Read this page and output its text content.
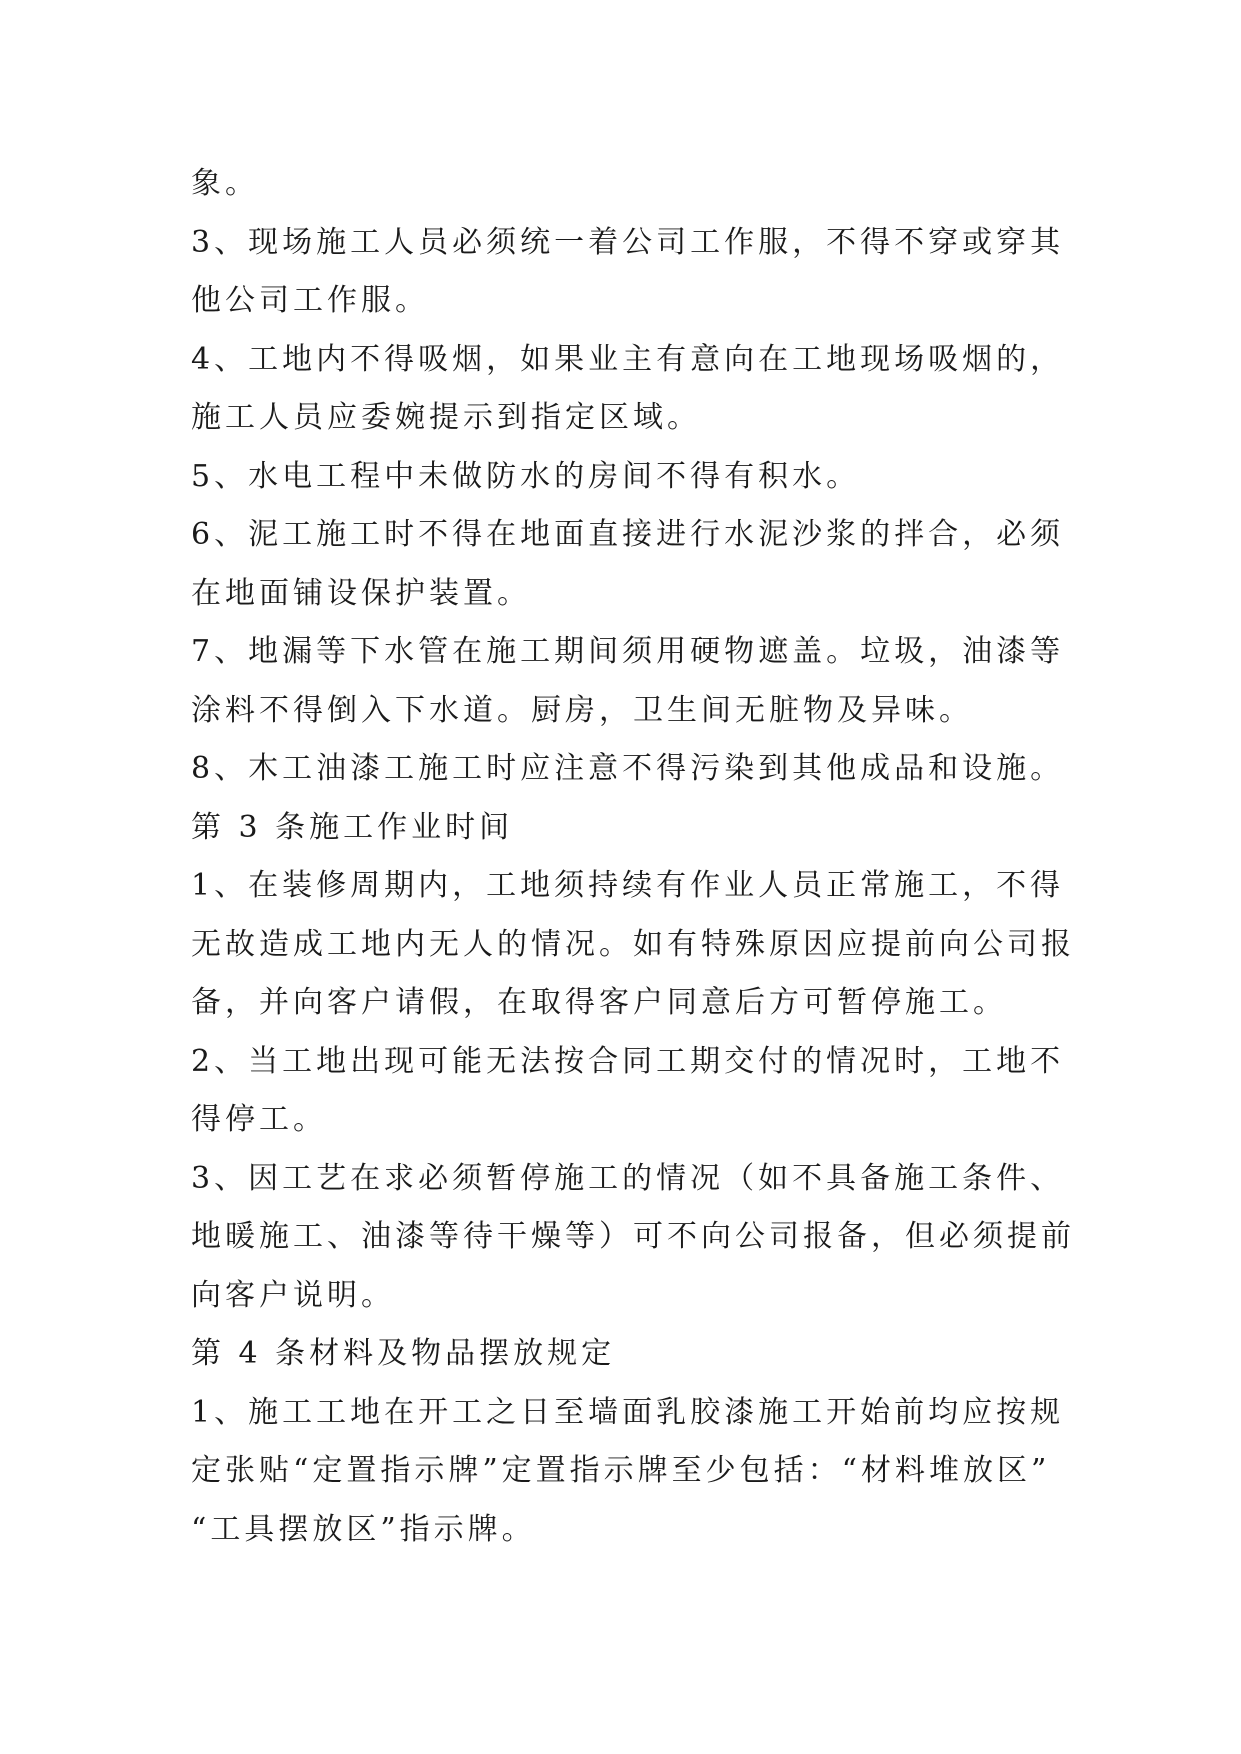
象。
3、现场施工人员必须统一着公司工作服，不得不穿或穿其
他公司工作服。
4、工地内不得吸烟，如果业主有意向在工地现场吸烟的，
施工人员应委婉提示到指定区域。
5、水电工程中未做防水的房间不得有积水。
6、泥工施工时不得在地面直接进行水泥沙浆的拌合，必须
在地面铺设保护装置。
7、地漏等下水管在施工期间须用硬物遮盖。垃圾，油漆等
涂料不得倒入下水道。厨房，卫生间无脏物及异味。
8、木工油漆工施工时应注意不得污染到其他成品和设施。
第 3 条施工作业时间
1、在装修周期内，工地须持续有作业人员正常施工，不得
无故造成工地内无人的情况。如有特殊原因应提前向公司报
备，并向客户请假，在取得客户同意后方可暂停施工。
2、当工地出现可能无法按合同工期交付的情况时，工地不
得停工。
3、因工艺在求必须暂停施工的情况（如不具备施工条件、
地暖施工、油漆等待干燥等）可不向公司报备，但必须提前
向客户说明。
第 4 条材料及物品摆放规定
1、施工工地在开工之日至墙面乳胶漆施工开始前均应按规
定张贴“定置指示牌”定置指示牌至少包括：“材料堆放区”
“工具摆放区”指示牌。
